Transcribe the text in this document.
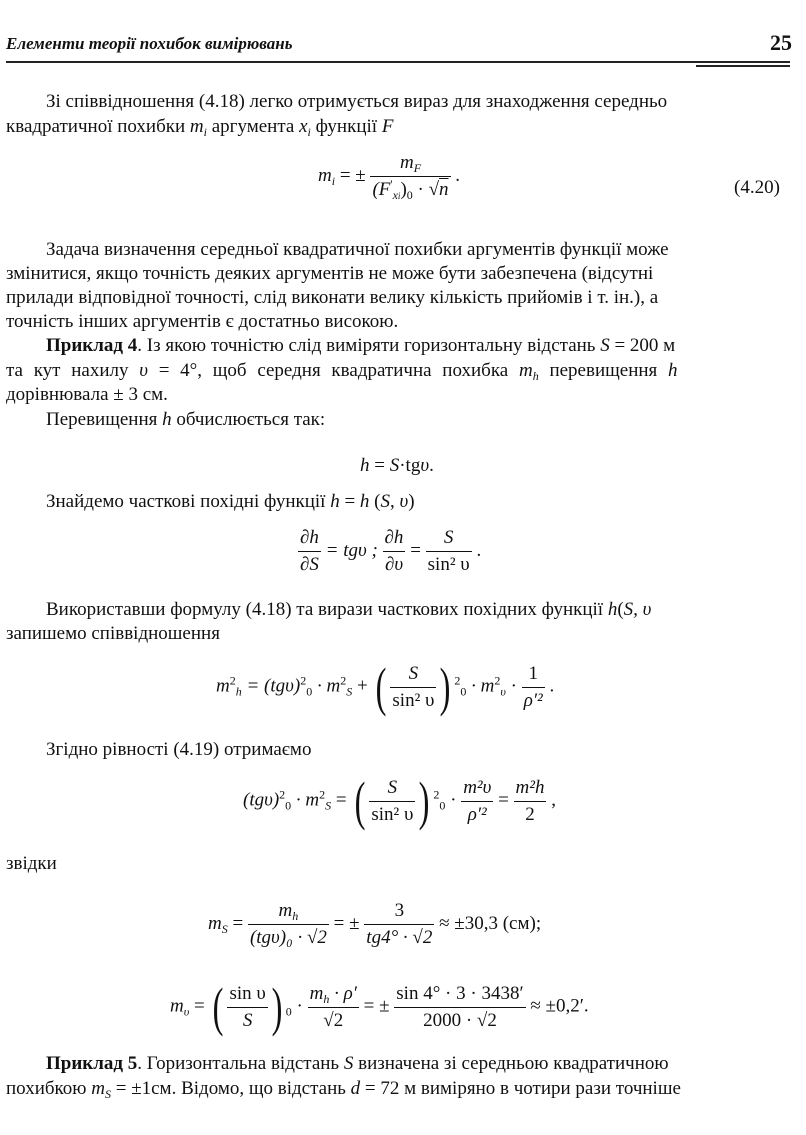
Елементи теорії похибок вимірювань	25
Зі співвідношення (4.18) легко отримується вираз для знаходження середньо
квадратичної похибки $m_i$ аргумента $x_i$ функції F
$m_i$ = ± $\frac{m_F}{(F'_{xi})_0 \cdot √n}$ .
(4.20)
Задача визначення середньої квадратичної похибки аргументів функції може
змінитися, якщо точність деяких аргументів не може бути забезпечена (відсутні
прилади відповідної точності, слід виконати велику кількість прийомів і т. ін.), а
точність інших аргументів є достатньо високою.
Приклад 4. Із якою точністю слід виміряти горизонтальну відстань S = 200 м
та кут нахилу υ = 4°, щоб середня квадратична похибка $m_h$ перевищення h
дорівнювала ± 3 см.
Перевищення h обчислюється так:
h = S·tgυ.
Знайдемо часткові похідні функції h = h (S, υ)
$\frac{\partial h}{\partial S} = tg\upsilon$ ; $\frac{\partial h}{\partial\upsilon} = \frac{S}{\text{sin² υ}}$ .
Використавши формулу (4.18) та вирази часткових похідних функції h(S, υ
запишемо співвідношення
$m^2_h = (tg\upsilon)^2_0 \cdot m^2_S$ + ( $\frac{S}{\text{sin² υ}}$ ) $^2_0 \cdot m^2_\upsilon \cdot \frac{1}{\text{ρ′²}}$ .
Згідно рівності (4.19) отримаємо
$(tg\upsilon)^2_0 \cdot m^2_S$ = ( $\frac{S}{\text{sin² υ}}$ ) $^2_0 \cdot \frac{\text{m²υ}}{\text{ρ′²}} = \frac{\text{m²h}}{2}$ ,
звідки
$m_S = \frac{m_h}{\text{(tgυ)₀ · √2}}$ = ± $\frac{3}{tg4^\circ \cdot √2} \approx \pm 30,3$ (см);
$m_\upsilon$ = ( $\frac{\text{sin υ}}{S}$ ) $_0 \cdot \frac{m_h \cdot \rho'}{√2}$ = ± $\frac{\sin 4^\circ \cdot 3 \cdot 3438'}{2000 \cdot √2} \approx \pm 0,2'$.
Приклад 5. Горизонтальна відстань S визначена зі середньою квадратичною
похибкою $m_S = \pm 1см$. Відомо, що відстань d = 72 м виміряно в чотири рази точніше
